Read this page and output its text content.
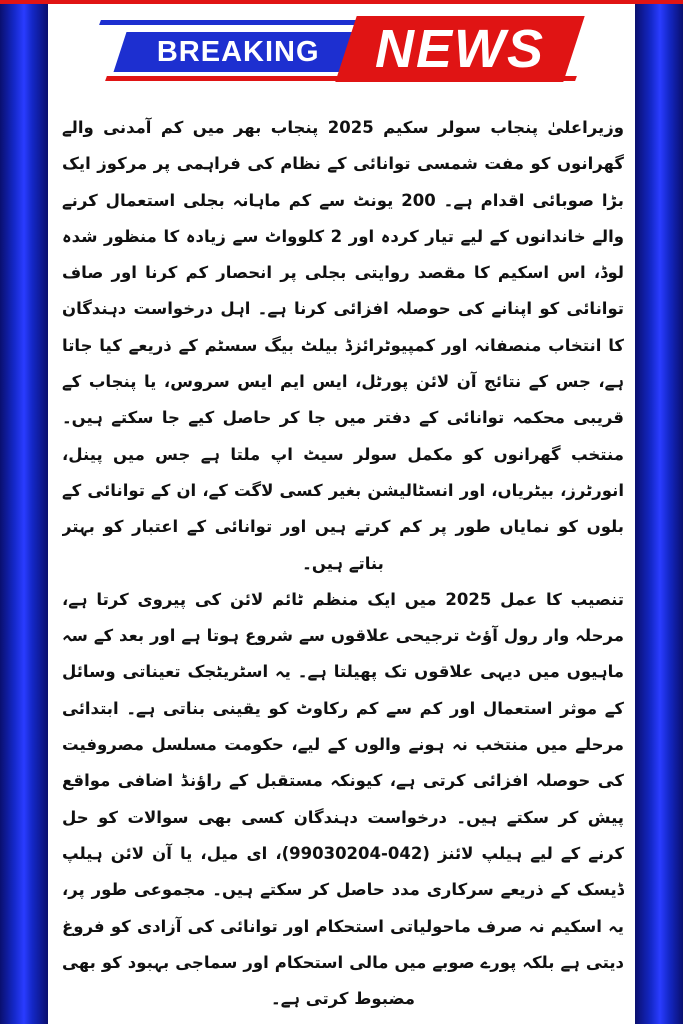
BREAKING NEWS

وزیراعلیٰ پنجاب سولر سکیم 2025 پنجاب بھر میں کم آمدنی والے گھرانوں کو مفت شمسی توانائی کے نظام کی فراہمی پر مرکوز ایک بڑا صوبائی اقدام ہے۔ 200 یونٹ سے کم ماہانہ بجلی استعمال کرنے والے خاندانوں کے لیے تیار کردہ اور 2 کلوواٹ سے زیادہ کا منظور شدہ لوڈ، اس اسکیم کا مقصد روایتی بجلی پر انحصار کم کرنا اور صاف توانائی کو اپنانے کی حوصلہ افزائی کرنا ہے۔ اہل درخواست دہندگان کا انتخاب منصفانہ اور کمپیوٹرائزڈ بیلٹ بیگ سسٹم کے ذریعے کیا جاتا ہے، جس کے نتائج آن لائن پورٹل، ایس ایم ایس سروس، یا پنجاب کے قریبی محکمہ توانائی کے دفتر میں جا کر حاصل کیے جا سکتے ہیں۔ منتخب گھرانوں کو مکمل سولر سیٹ اپ ملتا ہے جس میں پینل، انورٹرز، بیٹریاں، اور انسٹالیشن بغیر کسی لاگت کے، ان کے توانائی کے بلوں کو نمایاں طور پر کم کرتے ہیں اور توانائی کے اعتبار کو بہتر بناتے ہیں۔

تنصیب کا عمل 2025 میں ایک منظم ٹائم لائن کی پیروی کرتا ہے، مرحلہ وار رول آؤٹ ترجیحی علاقوں سے شروع ہوتا ہے اور بعد کے سہ ماہیوں میں دیہی علاقوں تک پھیلتا ہے۔ یہ اسٹریٹجک تعیناتی وسائل کے موثر استعمال اور کم سے کم رکاوٹ کو یقینی بناتی ہے۔ ابتدائی مرحلے میں منتخب نہ ہونے والوں کے لیے، حکومت مسلسل مصروفیت کی حوصلہ افزائی کرتی ہے، کیونکہ مستقبل کے راؤنڈ اضافی مواقع پیش کر سکتے ہیں۔ درخواست دہندگان کسی بھی سوالات کو حل کرنے کے لیے ہیلپ لائنز (042-99030204)، ای میل، یا آن لائن ہیلپ ڈیسک کے ذریعے سرکاری مدد حاصل کر سکتے ہیں۔ مجموعی طور پر، یہ اسکیم نہ صرف ماحولیاتی استحکام اور توانائی کی آزادی کو فروغ دیتی ہے بلکہ پورے صوبے میں مالی استحکام اور سماجی بہبود کو بھی مضبوط کرتی ہے۔
